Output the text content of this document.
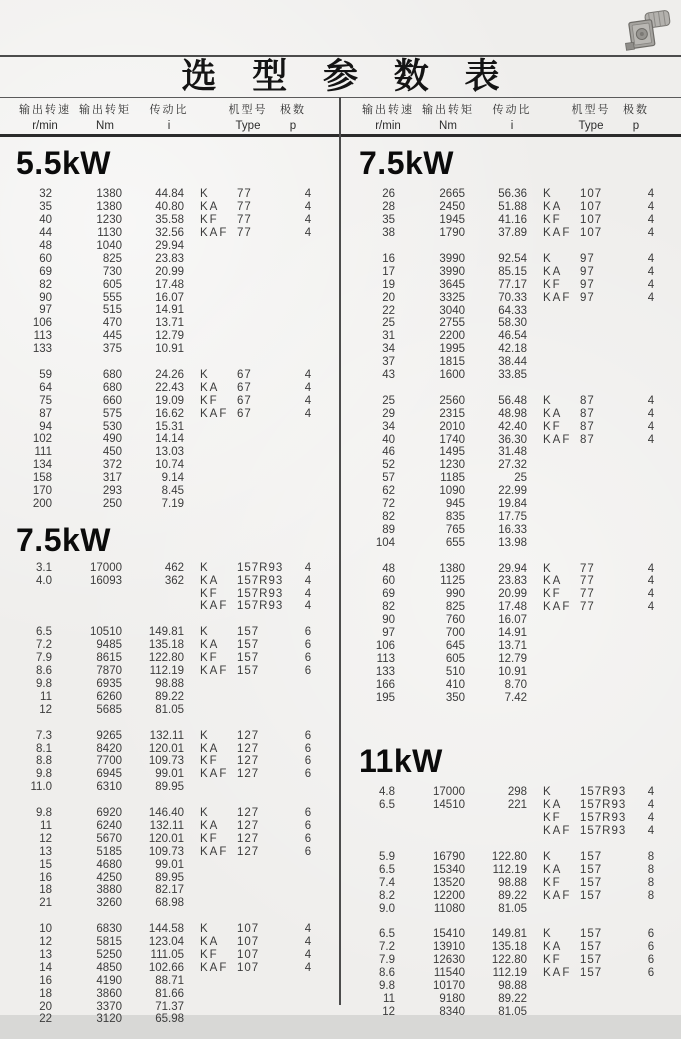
选 型 参 数 表
输出转速
r/min
输出转矩
Nm
传动比
i
机型号
Type
极数
p
输出转速
r/min
输出转矩
Nm
传动比
i
机型号
Type
极数
p
5.5kW
32	1380	44.84 K	77	4
35	1380	40.80 KA	77	4
40	1230	35.58 KF	77	4
44	1130	32.56 KAF 77	4
48	1040	29.94
60	825	23.83
69	730	20.99
82	605	17.48
90	555	16.07
97	515	14.91
106	470	13.71
113	445	12.79
133	375	10.91
59	680	24.26 K	67	4
64	680	22.43 KA	67	4
75	660	19.09 KF	67	4
87	575	16.62 KAF 67	4
94	530	15.31
102	490	14.14
111	450	13.03
134	372	10.74
158	317	9.14
170	293	8.45
200	250	7.19
7.5kW
3.1	17000	462 K	157R93	4
4.0	16093	362 KA	157R93	4
KF	157R93	4
KAF 157R93	4
6.5	10510	149.81 K	157	6
7.2	9485	135.18 KA	157	6
7.9	8615	122.80 KF	157	6
8.6	7870	112.19 KAF 157	6
9.8	6935	98.88
11	6260	89.22
12	5685	81.05
7.3	9265	132.11 K	127	6
8.1	8420	120.01 KA	127	6
8.8	7700	109.73 KF	127	6
9.8	6945	99.01 KAF 127	6
11.0	6310	89.95
9.8	6920	146.40 K	127	6
11	6240	132.11 KA	127	6
12	5670	120.01 KF	127	6
13	5185	109.73 KAF 127	6
15	4680	99.01
16	4250	89.95
18	3880	82.17
21	3260	68.98
10	6830	144.58 K	107	4
12	5815	123.04 KA	107	4
13	5250	111.05 KF	107	4
14	4850	102.66 KAF 107	4
16	4190	88.71
18	3860	81.66
20	3370	71.37
22	3120	65.98
7.5kW
26	2665	56.36 K	107	4
28	2450	51.88 KA	107	4
35	1945	41.16 KF	107	4
38	1790	37.89 KAF 107	4
16	3990	92.54 K	97	4
17	3990	85.15 KA	97	4
19	3645	77.17 KF	97	4
20	3325	70.33 KAF 97	4
22	3040	64.33
25	2755	58.30
31	2200	46.54
34	1995	42.18
37	1815	38.44
43	1600	33.85
25	2560	56.48 K	87	4
29	2315	48.98 KA	87	4
34	2010	42.40 KF	87	4
40	1740	36.30 KAF 87	4
46	1495	31.48
52	1230	27.32
57	1185	25
62	1090	22.99
72	945	19.84
82	835	17.75
89	765	16.33
104	655	13.98
48	1380	29.94 K	77	4
60	1125	23.83 KA	77	4
69	990	20.99 KF	77	4
82	825	17.48 KAF 77	4
90	760	16.07
97	700	14.91
106	645	13.71
113	605	12.79
133	510	10.91
166	410	8.70
195	350	7.42
11kW
4.8	17000	298 K	157R93	4
6.5	14510	221 KA	157R93	4
KF	157R93	4
KAF 157R93	4
5.9	16790	122.80 K	157	8
6.5	15340	112.19 KA	157	8
7.4	13520	98.88 KF	157	8
8.2	12200	89.22 KAF 157	8
9.0	11080	81.05
6.5	15410	149.81 K	157	6
7.2	13910	135.18 KA	157	6
7.9	12630	122.80 KF	157	6
8.6	11540	112.19 KAF 157	6
9.8	10170	98.88
11	9180	89.22
12	8340	81.05
